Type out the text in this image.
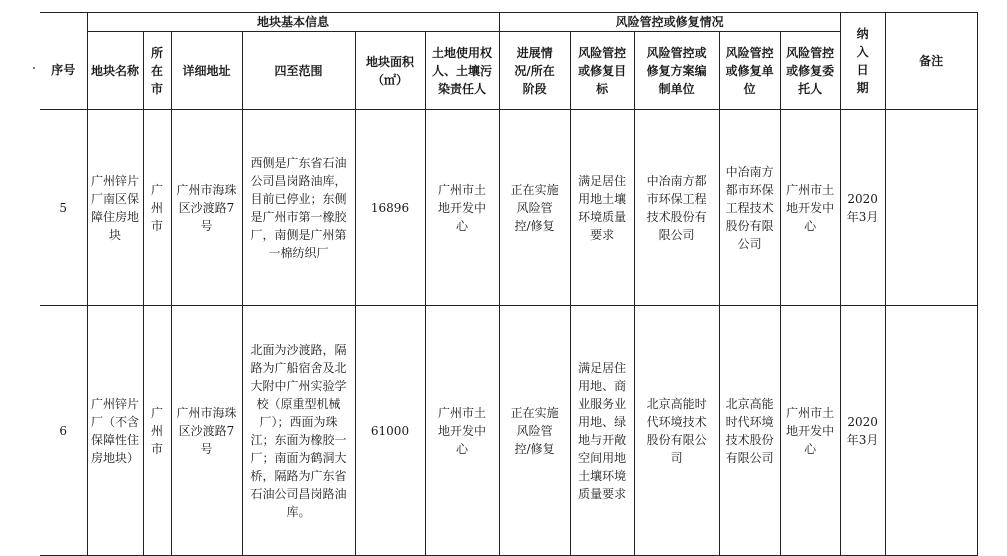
	地块基本信息						风险管控或修复情况					纳入日期	备注
序号	地块名称	所在市	详细地址	四至范围	地块面积（㎡）	土地使用权人、土壤污染责任人	进展情况/所在阶段	风险管控或修复目标	风险管控或修复方案编制单位	风险管控或修复单位	风险管控或修复委托人		

5	广州锌片厂南区保障住房地块	广州市	广州市海珠区沙渡路7号	西侧是广东省石油公司昌岗路油库，目前已停业；东侧是广州市第一橡胶厂，南侧是广州第一棉纺织厂	16896	广州市土地开发中心	正在实施风险管控/修复	满足居住用地土壤环境质量要求	中冶南方都市环保工程技术股份有限公司	中冶南方都市环保工程技术股份有限公司	广州市土地开发中心	2020年3月	

6	广州锌片厂（不含保障性住房地块）	广州市	广州市海珠区沙渡路7号	北面为沙渡路，隔路为广船宿舍及北大附中广州实验学校（原重型机械厂）；西面为珠江；东面为橡胶一厂；南面为鹤洞大桥，隔路为广东省石油公司昌岗路油库。	61000	广州市土地开发中心	正在实施风险管控/修复	满足居住用地、商业服务业用地、绿地与开敞空间用地土壤环境质量要求	北京高能时代环境技术股份有限公司	北京高能时代环境技术股份有限公司	广州市土地开发中心	2020年3月	
